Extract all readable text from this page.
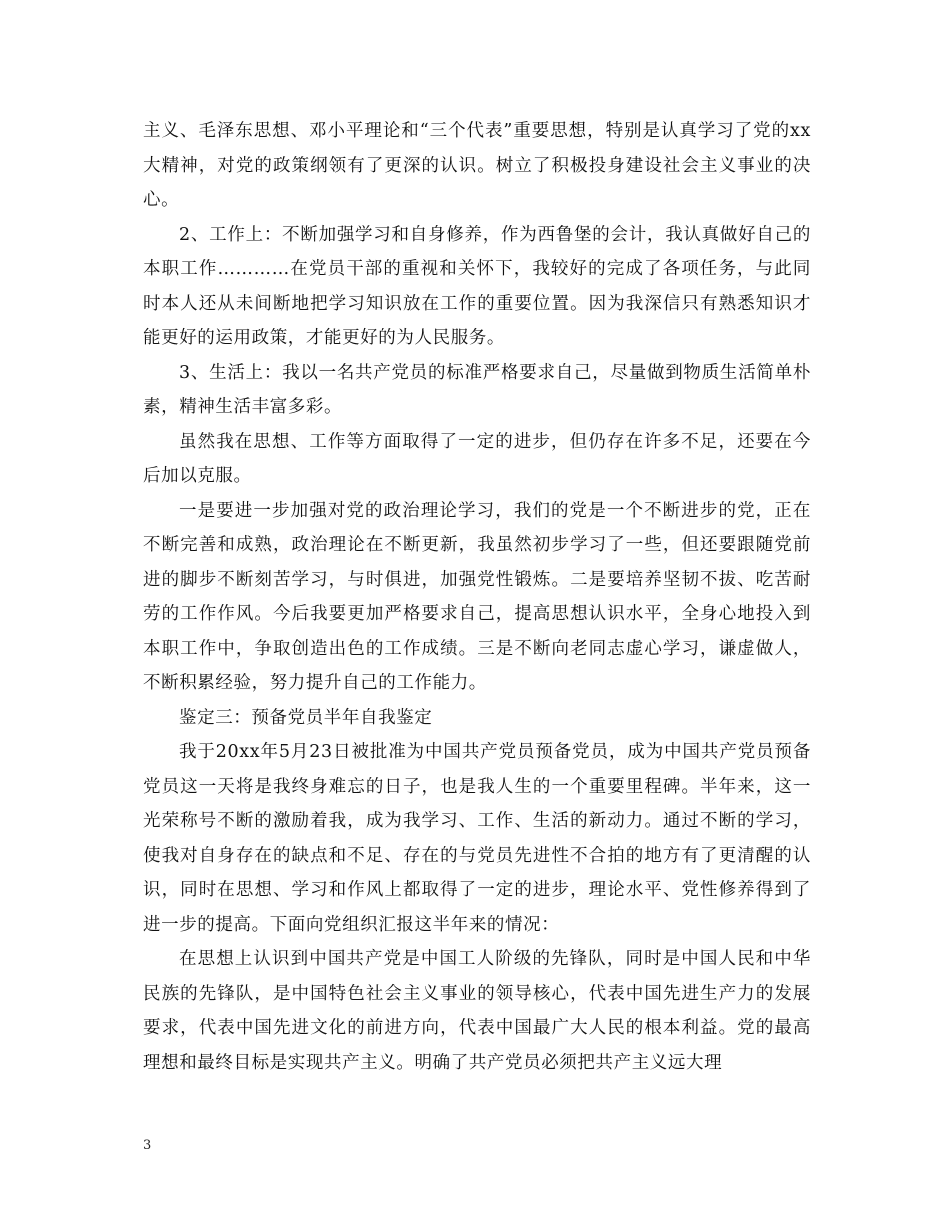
主义、毛泽东思想、邓小平理论和“三个代表”重要思想，特别是认真学习了党的xx大精神，对党的政策纲领有了更深的认识。树立了积极投身建设社会主义事业的决心。

2、工作上：不断加强学习和自身修养，作为西鲁堡的会计，我认真做好自己的本职工作…………在党员干部的重视和关怀下，我较好的完成了各项任务，与此同时本人还从未间断地把学习知识放在工作的重要位置。因为我深信只有熟悉知识才能更好的运用政策，才能更好的为人民服务。

3、生活上：我以一名共产党员的标准严格要求自己，尽量做到物质生活简单朴素，精神生活丰富多彩。

虽然我在思想、工作等方面取得了一定的进步，但仍存在许多不足，还要在今后加以克服。

一是要进一步加强对党的政治理论学习，我们的党是一个不断进步的党，正在不断完善和成熟，政治理论在不断更新，我虽然初步学习了一些，但还要跟随党前进的脚步不断刻苦学习，与时俱进，加强党性锻炼。二是要培养坚韧不拔、吃苦耐劳的工作作风。今后我要更加严格要求自己，提高思想认识水平，全身心地投入到本职工作中，争取创造出色的工作成绩。三是不断向老同志虚心学习，谦虚做人，不断积累经验，努力提升自己的工作能力。

鉴定三：预备党员半年自我鉴定

我于20xx年5月23日被批准为中国共产党员预备党员，成为中国共产党员预备党员这一天将是我终身难忘的日子，也是我人生的一个重要里程碑。半年来，这一光荣称号不断的激励着我，成为我学习、工作、生活的新动力。通过不断的学习，使我对自身存在的缺点和不足、存在的与党员先进性不合拍的地方有了更清醒的认识，同时在思想、学习和作风上都取得了一定的进步，理论水平、党性修养得到了进一步的提高。下面向党组织汇报这半年来的情况：

在思想上认识到中国共产党是中国工人阶级的先锋队，同时是中国人民和中华民族的先锋队，是中国特色社会主义事业的领导核心，代表中国先进生产力的发展要求，代表中国先进文化的前进方向，代表中国最广大人民的根本利益。党的最高理想和最终目标是实现共产主义。明确了共产党员必须把共产主义远大理

3
